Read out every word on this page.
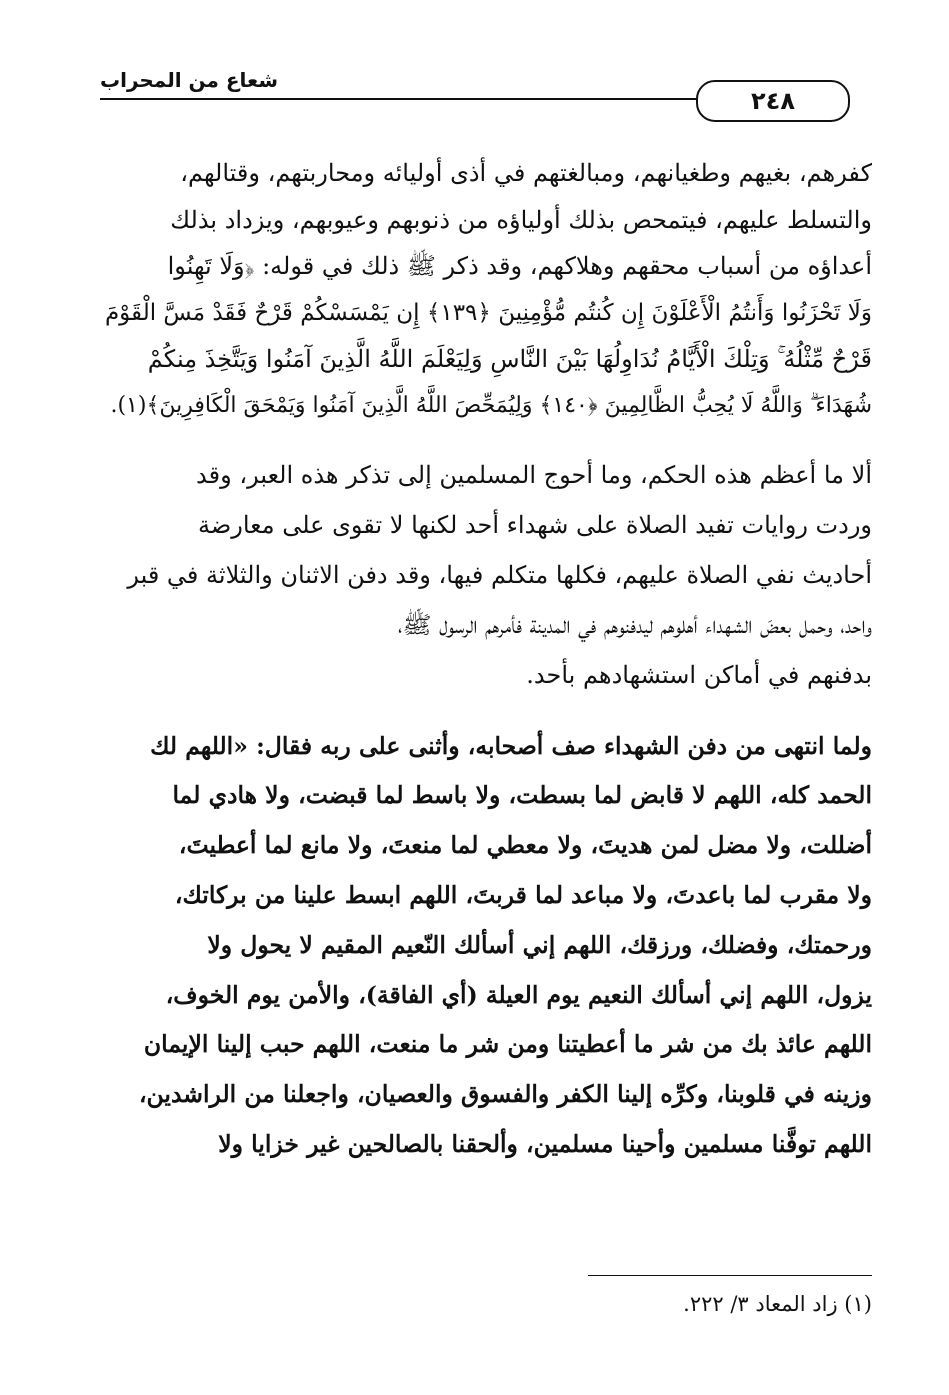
شعاع من المحراب
٢٤٨

كفرهم، بغيهم وطغيانهم، ومبالغتهم في أذى أوليائه ومحاربتهم، وقتالهم،
والتسلط عليهم، فيتمحص بذلك أولياؤه من ذنوبهم وعيوبهم، ويزداد بذلك
أعداؤه من أسباب محقهم وهلاكهم، وقد ذكر ﷺ ذلك في قوله: ﴿وَلَا تَهِنُوا
وَلَا تَحْزَنُوا وَأَنتُمُ الْأَعْلَوْنَ إِن كُنتُم مُّؤْمِنِينَ ﴿١٣٩﴾ إِن يَمْسَسْكُمْ قَرْحٌ فَقَدْ مَسَّ الْقَوْمَ
قَرْحٌ مِّثْلُهُ ۚ وَتِلْكَ الْأَيَّامُ نُدَاوِلُهَا بَيْنَ النَّاسِ وَلِيَعْلَمَ اللَّهُ الَّذِينَ آمَنُوا وَيَتَّخِذَ مِنكُمْ
شُهَدَاءَ ۗ وَاللَّهُ لَا يُحِبُّ الظَّالِمِينَ ﴿١٤٠﴾ وَلِيُمَحِّصَ اللَّهُ الَّذِينَ آمَنُوا وَيَمْحَقَ الْكَافِرِينَ﴾(١).

ألا ما أعظم هذه الحكم، وما أحوج المسلمين إلى تذكر هذه العبر، وقد
وردت روايات تفيد الصلاة على شهداء أحد لكنها لا تقوى على معارضة
أحاديث نفي الصلاة عليهم، فكلها متكلم فيها، وقد دفن الاثنان والثلاثة في قبر
واحد، وحمل بعضَ الشهداء أهلوهم ليدفنوهم في المدينة فأمرهم الرسول ﷺ،
بدفنهم في أماكن استشهادهم بأحد.

ولما انتهى من دفن الشهداء صف أصحابه، وأثنى على ربه فقال: «اللهم لك
الحمد كله، اللهم لا قابض لما بسطت، ولا باسط لما قبضت، ولا هادي لما
أضللت، ولا مضل لمن هديتَ، ولا معطي لما منعتَ، ولا مانع لما أعطيتَ،
ولا مقرب لما باعدتَ، ولا مباعد لما قربتَ، اللهم ابسط علينا من بركاتك،
ورحمتك، وفضلك، ورزقك، اللهم إني أسألك النّعيم المقيم لا يحول ولا
يزول، اللهم إني أسألك النعيم يوم العيلة (أي الفاقة)، والأمن يوم الخوف،
اللهم عائذ بك من شر ما أعطيتنا ومن شر ما منعت، اللهم حبب إلينا الإيمان
وزينه في قلوبنا، وكرِّه إلينا الكفر والفسوق والعصيان، واجعلنا من الراشدين،
اللهم توفَّنا مسلمين وأحينا مسلمين، وألحقنا بالصالحين غير خزايا ولا

(١) زاد المعاد ٣/ ٢٢٢.
